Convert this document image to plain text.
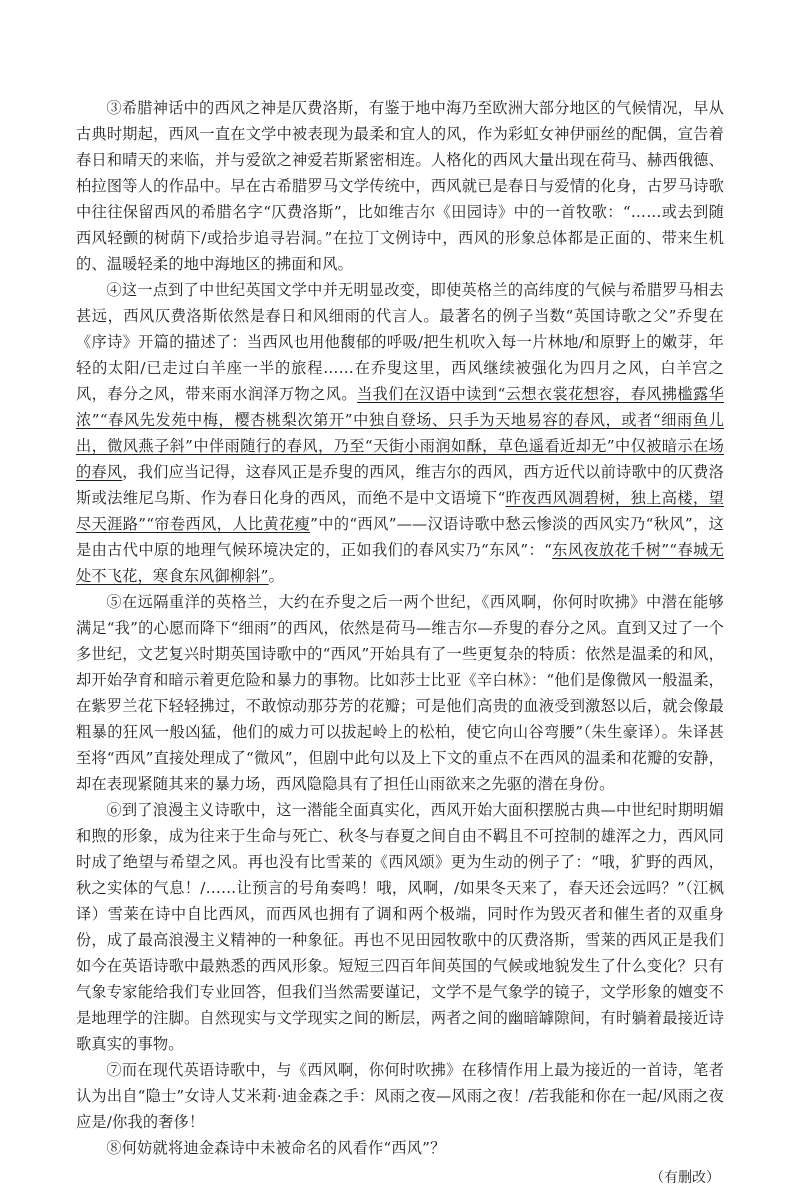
③希腊神话中的西风之神是仄费洛斯，有鉴于地中海乃至欧洲大部分地区的气候情况，早从古典时期起，西风一直在文学中被表现为最柔和宜人的风，作为彩虹女神伊丽丝的配偶，宣告着春日和晴天的来临，并与爱欲之神爱若斯紧密相连。人格化的西风大量出现在荷马、赫西俄德、柏拉图等人的作品中。早在古希腊罗马文学传统中，西风就已是春日与爱情的化身，古罗马诗歌中往往保留西风的希腊名字“仄费洛斯”，比如维吉尔《田园诗》中的一首牧歌：“……或去到随西风轻颤的树荫下/或拾步追寻岩洞。”在拉丁文例诗中，西风的形象总体都是正面的、带来生机的、温暖轻柔的地中海地区的拂面和风。

④这一点到了中世纪英国文学中并无明显改变，即使英格兰的高纬度的气候与希腊罗马相去甚远，西风仄费洛斯依然是春日和风细雨的代言人。最著名的例子当数“英国诗歌之父”乔叟在《序诗》开篇的描述了：当西风也用他馥郁的呼吸/把生机吹入每一片林地/和原野上的嫩芽，年轻的太阳/已走过白羊座一半的旅程……在乔叟这里，西风继续被强化为四月之风，白羊宫之风，春分之风，带来雨水润泽万物之风。当我们在汉语中读到“云想衣裳花想容，春风拂槛露华浓”“春风先发苑中梅，樱杏桃梨次第开”中独自登场、只手为天地易容的春风，或者“细雨鱼儿出，微风燕子斜”中伴雨随行的春风，乃至“天街小雨润如酥，草色遥看近却无”中仅被暗示在场的春风，我们应当记得，这春风正是乔叟的西风，维吉尔的西风，西方近代以前诗歌中的仄费洛斯或法维尼乌斯、作为春日化身的西风，而绝不是中文语境下“昨夜西风凋碧树，独上高楼，望尽天涯路”“帘卷西风，人比黄花瘦”中的“西风”——汉语诗歌中愁云惨淡的西风实乃“秋风”，这是由古代中原的地理气候环境决定的，正如我们的春风实乃“东风”：“东风夜放花千树”“春城无处不飞花，寒食东风御柳斜”。

⑤在远隔重洋的英格兰，大约在乔叟之后一两个世纪，《西风啊，你何时吹拂》中潜在能够满足“我”的心愿而降下“细雨”的西风，依然是荷马—维吉尔—乔叟的春分之风。直到又过了一个多世纪，文艺复兴时期英国诗歌中的“西风”开始具有了一些更复杂的特质：依然是温柔的和风，却开始孕育和暗示着更危险和暴力的事物。比如莎士比亚《辛白林》：“他们是像微风一般温柔，在紫罗兰花下轻轻拂过，不敢惊动那芬芳的花瓣；可是他们高贵的血液受到激怒以后，就会像最粗暴的狂风一般凶猛，他们的威力可以拔起岭上的松柏，使它向山谷弯腰”（朱生豪译）。朱译甚至将“西风”直接处理成了“微风”，但剧中此句以及上下文的重点不在西风的温柔和花瓣的安静，却在表现紧随其来的暴力场，西风隐隐具有了担任山雨欲来之先驱的潜在身份。

⑥到了浪漫主义诗歌中，这一潜能全面真实化，西风开始大面积摆脱古典—中世纪时期明媚和煦的形象，成为往来于生命与死亡、秋冬与春夏之间自由不羁且不可控制的雄浑之力，西风同时成了绝望与希望之风。再也没有比雪莱的《西风颂》更为生动的例子了：“哦，犷野的西风，秋之实体的气息！/……让预言的号角奏鸣！哦，风啊，/如果冬天来了，春天还会远吗？”（江枫译）雪莱在诗中自比西风，而西风也拥有了调和两个极端，同时作为毁灭者和催生者的双重身份，成了最高浪漫主义精神的一种象征。再也不见田园牧歌中的仄费洛斯，雪莱的西风正是我们如今在英语诗歌中最熟悉的西风形象。短短三四百年间英国的气候或地貌发生了什么变化？只有气象专家能给我们专业回答，但我们当然需要谨记，文学不是气象学的镜子，文学形象的嬗变不是地理学的注脚。自然现实与文学现实之间的断层，两者之间的幽暗罅隙间，有时躺着最接近诗歌真实的事物。

⑦而在现代英语诗歌中，与《西风啊，你何时吹拂》在移情作用上最为接近的一首诗，笔者认为出自“隐士”女诗人艾米莉·迪金森之手：风雨之夜—风雨之夜！/若我能和你在一起/风雨之夜应是/你我的奢侈！

⑧何妨就将迪金森诗中未被命名的风看作“西风”？

（有删改）
